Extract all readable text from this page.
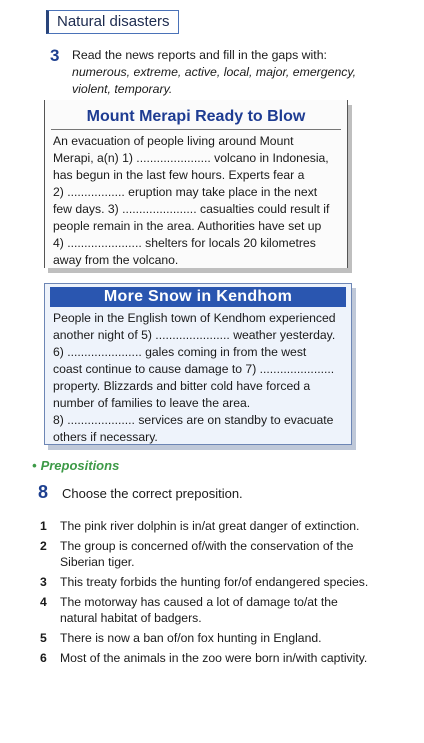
Natural disasters
3 Read the news reports and fill in the gaps with:
numerous, extreme, active, local, major, emergency,
violent, temporary.
Mount Merapi Ready to Blow
An evacuation of people living around Mount
Merapi, a(n) 1) ...................... volcano in Indonesia,
has begun in the last few hours. Experts fear a
2) ................. eruption may take place in the next
few days. 3) ...................... casualties could result if
people remain in the area. Authorities have set up
4) ...................... shelters for locals 20 kilometres
away from the volcano.
More Snow in Kendhom
People in the English town of Kendhom experienced
another night of 5) ...................... weather yesterday.
6) ...................... gales coming in from the west
coast continue to cause damage to 7) ......................
property. Blizzards and bitter cold have forced a
number of families to leave the area.
8) .................... services are on standby to evacuate
others if necessary.
• Prepositions
8 Choose the correct preposition.
1 The pink river dolphin is in/at great danger of extinction.
2 The group is concerned of/with the conservation of the Siberian tiger.
3 This treaty forbids the hunting for/of endangered species.
4 The motorway has caused a lot of damage to/at the natural habitat of badgers.
5 There is now a ban of/on fox hunting in England.
6 Most of the animals in the zoo were born in/with captivity.
